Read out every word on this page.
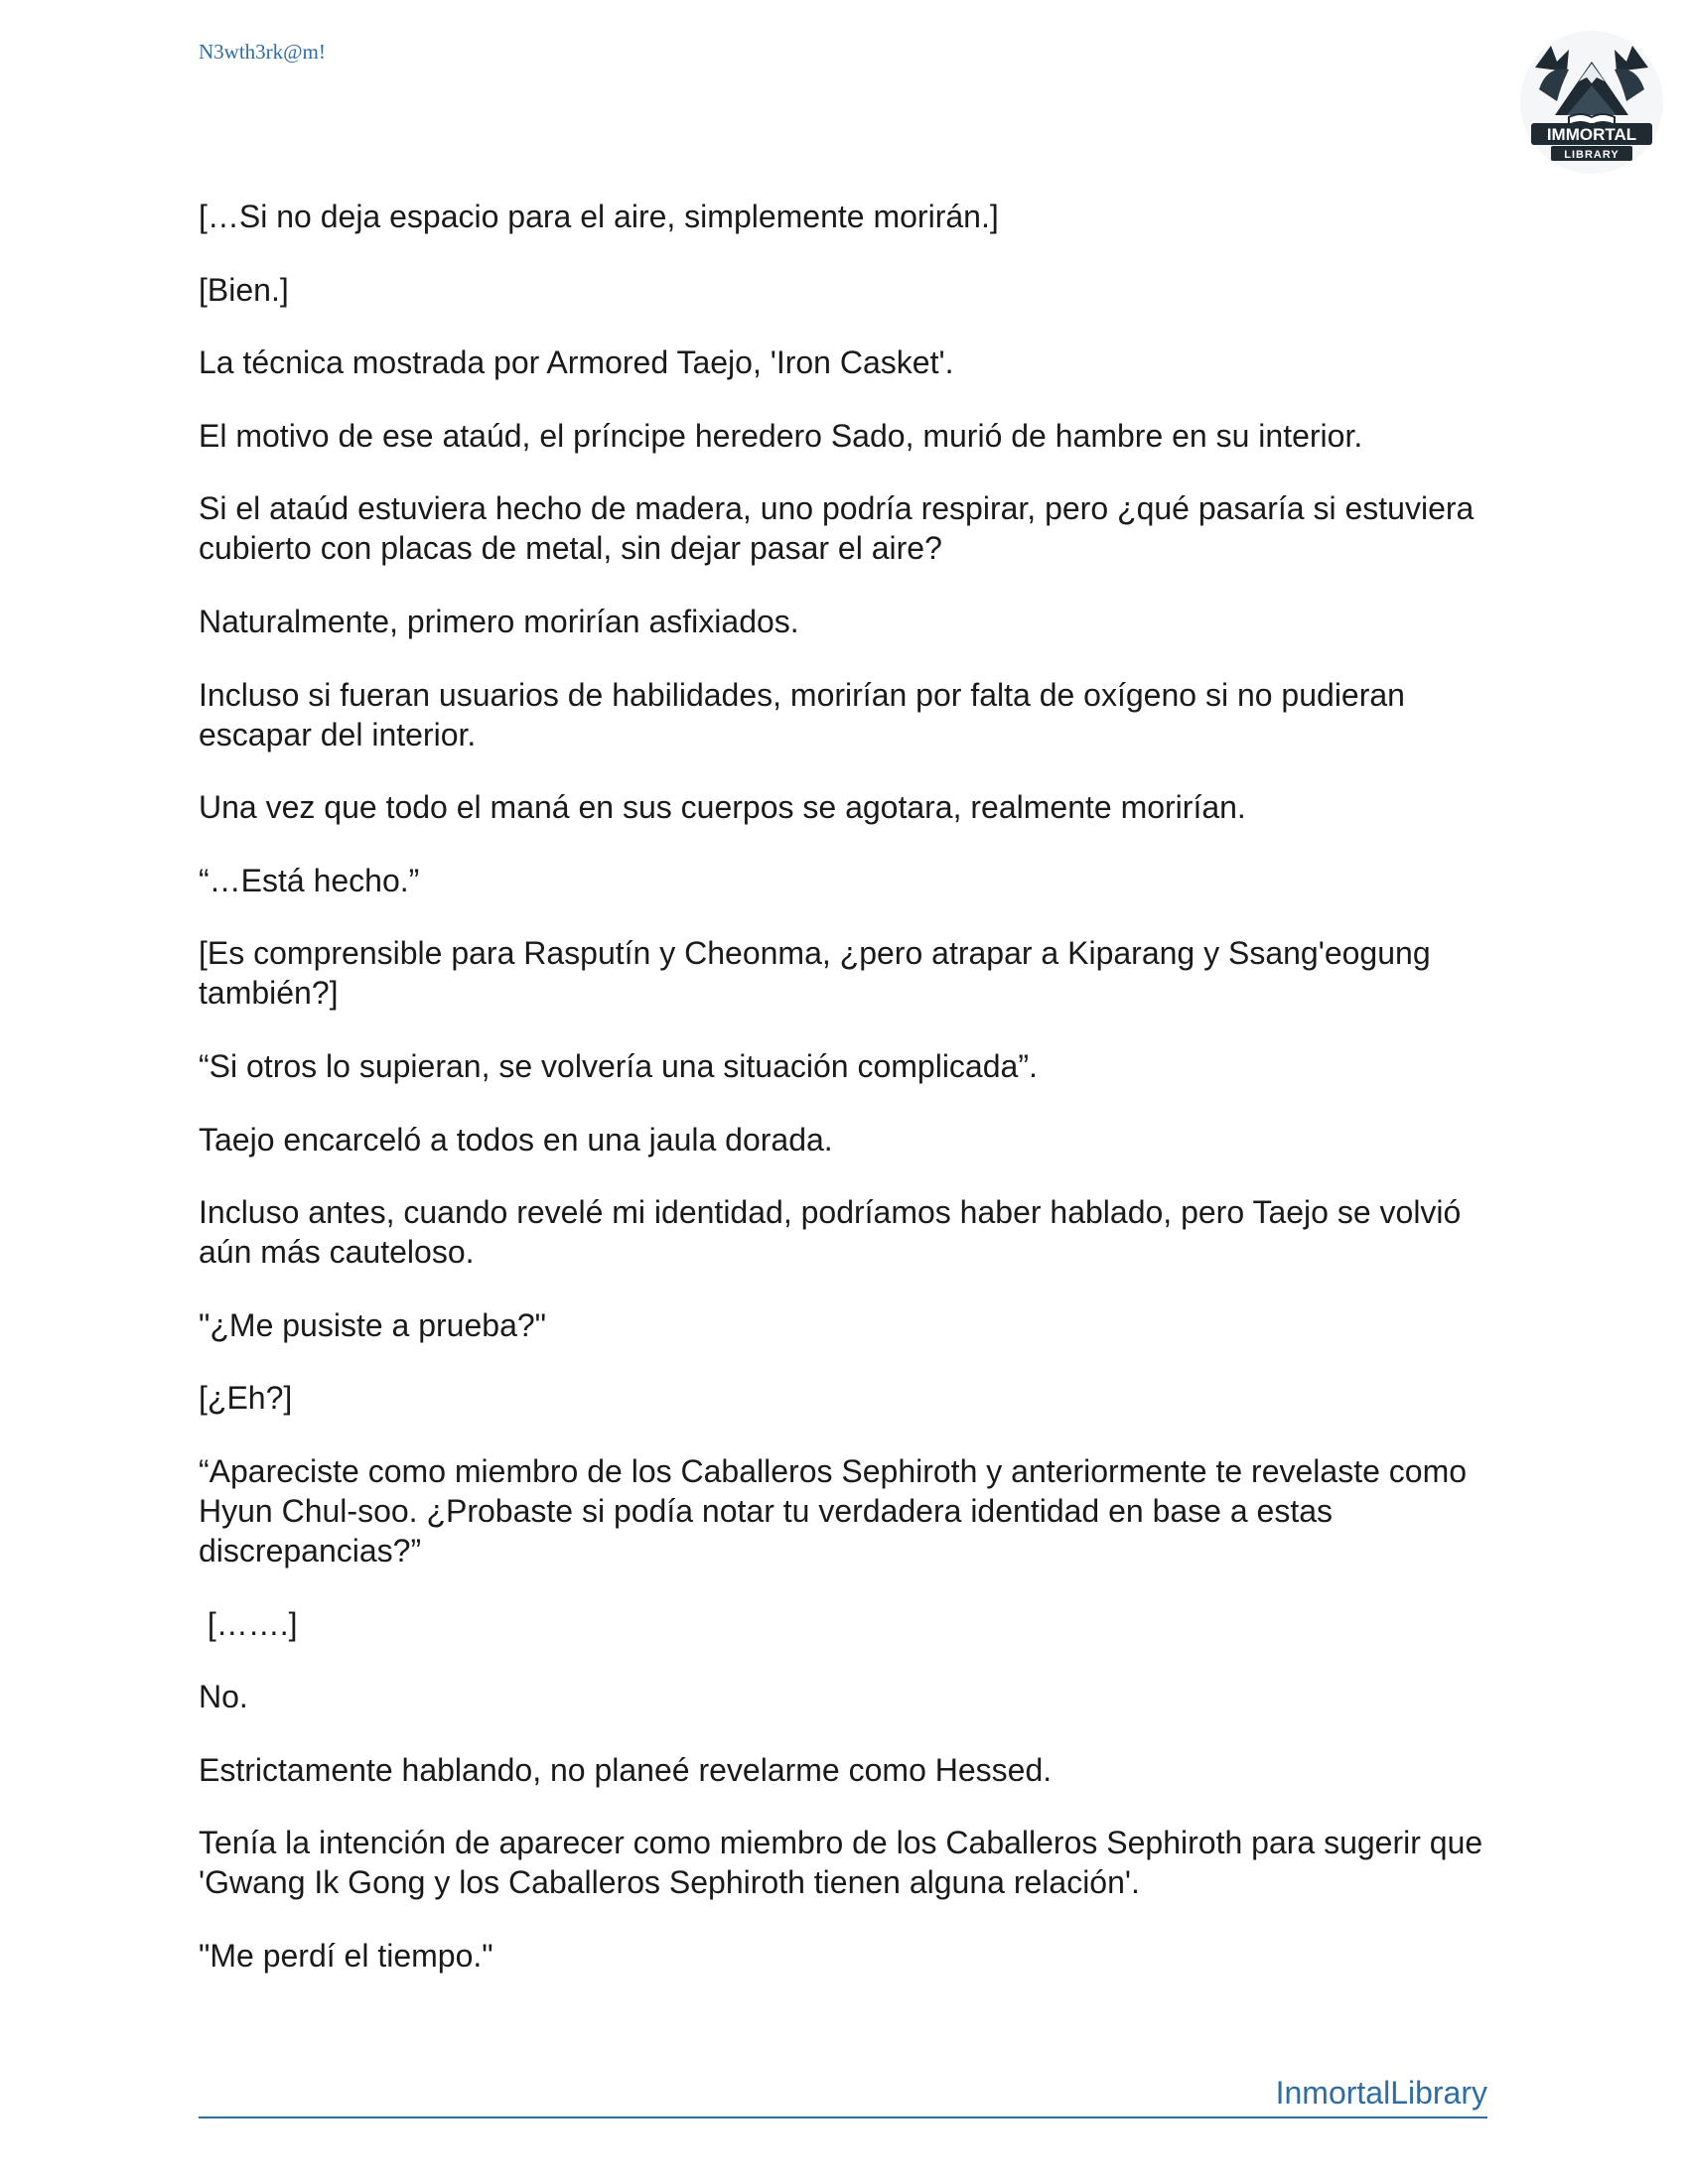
N3wth3rk@m!
IMMORTAL
LIBRARY

[…Si no deja espacio para el aire, simplemente morirán.]

[Bien.]

La técnica mostrada por Armored Taejo, 'Iron Casket'.

El motivo de ese ataúd, el príncipe heredero Sado, murió de hambre en su interior.

Si el ataúd estuviera hecho de madera, uno podría respirar, pero ¿qué pasaría si estuviera cubierto con placas de metal, sin dejar pasar el aire?

Naturalmente, primero morirían asfixiados.

Incluso si fueran usuarios de habilidades, morirían por falta de oxígeno si no pudieran escapar del interior.

Una vez que todo el maná en sus cuerpos se agotara, realmente morirían.

“…Está hecho.”

[Es comprensible para Rasputín y Cheonma, ¿pero atrapar a Kiparang y Ssang'eogung también?]

“Si otros lo supieran, se volvería una situación complicada”.

Taejo encarceló a todos en una jaula dorada.

Incluso antes, cuando revelé mi identidad, podríamos haber hablado, pero Taejo se volvió aún más cauteloso.

"¿Me pusiste a prueba?"

[¿Eh?]

“Apareciste como miembro de los Caballeros Sephiroth y anteriormente te revelaste como Hyun Chul-soo. ¿Probaste si podía notar tu verdadera identidad en base a estas discrepancias?”

[…….]

No.

Estrictamente hablando, no planeé revelarme como Hessed.

Tenía la intención de aparecer como miembro de los Caballeros Sephiroth para sugerir que 'Gwang Ik Gong y los Caballeros Sephiroth tienen alguna relación'.

"Me perdí el tiempo."

InmortalLibrary
